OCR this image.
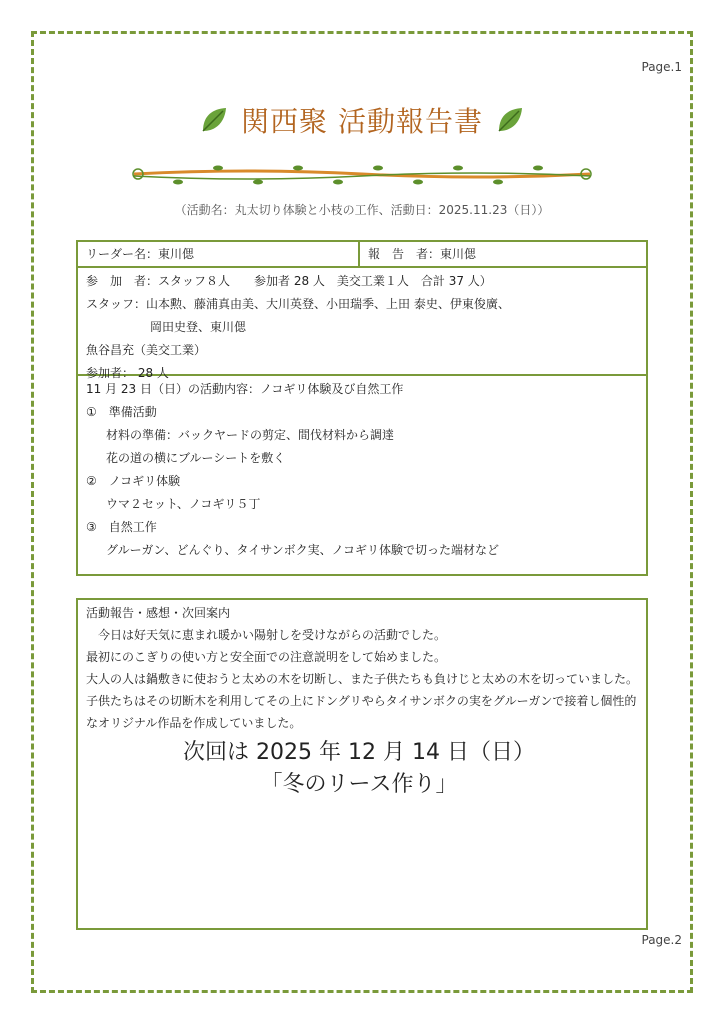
Page.1
関西聚 活動報告書
（活動名：丸太切り体験と小枝の工作、活動日：2025.11.23（日））
リーダー名：東川偲	報　告　者：東川偲
参　加　者：スタッフ８人　　参加者 28 人　美交工業１人　合計 37 人）
スタッフ：山本勲、藤浦真由美、大川英登、小田瑞季、上田 泰史、伊東俊廣、
岡田史登、東川偲
魚谷昌充（美交工業）
参加者： 28 人
11 月 23 日（日）の活動内容：ノコギリ体験及び自然工作
①　準備活動
材料の準備：バックヤードの剪定、間伐材料から調達
花の道の横にブルーシートを敷く
②　ノコギリ体験
ウマ２セット、ノコギリ５丁
③　自然工作
グルーガン、どんぐり、タイサンボク実、ノコギリ体験で切った端材など
活動報告・感想・次回案内
今日は好天気に恵まれ暖かい陽射しを受けながらの活動でした。
最初にのこぎりの使い方と安全面での注意説明をして始めました。
大人の人は鍋敷きに使おうと太めの木を切断し、また子供たちも負けじと太めの木を切っていました。子供たちはその切断木を利用してその上にドングリやらタイサンボクの実をグルーガンで接着し個性的なオリジナル作品を作成していました。
次回は 2025 年 12 月 14 日（日）
「冬のリース作り」
Page.2
